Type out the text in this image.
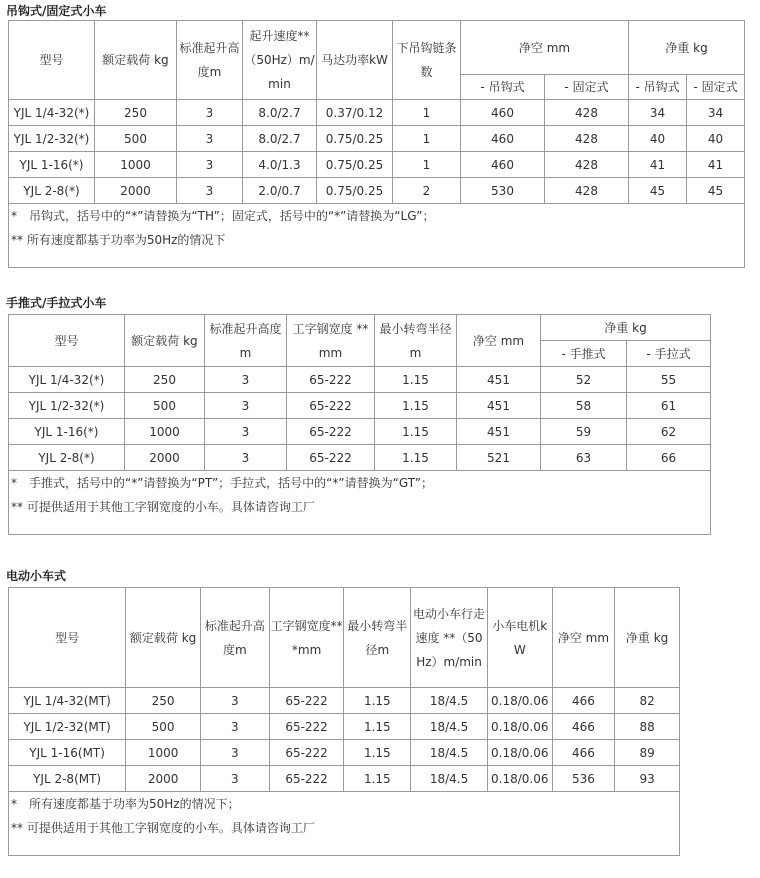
吊钩式/固定式小车
型号	额定载荷 kg	标准起升高度m	起升速度**（50Hz）m/min	马达功率kW	下吊钩链条数	净空 mm		净重 kg	
						- 吊钩式	- 固定式	- 吊钩式	- 固定式
YJL 1/4-32(*)	250	3	8.0/2.7	0.37/0.12	1	460	428	34	34
YJL 1/2-32(*)	500	3	8.0/2.7	0.75/0.25	1	460	428	40	40
YJL 1-16(*)	1000	3	4.0/1.3	0.75/0.25	1	460	428	41	41
YJL 2-8(*)	2000	3	2.0/0.7	0.75/0.25	2	530	428	45	45

*　吊钩式，括号中的“*”请替换为“TH”；固定式，括号中的“*”请替换为“LG”；
** 所有速度都基于功率为50Hz的情况下									
手推式/手拉式小车
型号	额定载荷 kg	标准起升高度m	工字钢宽度 **mm	最小转弯半径m	净空 mm	净重 kg	
						- 手推式	- 手拉式
YJL 1/4-32(*)	250	3	65-222	1.15	451	52	55
YJL 1/2-32(*)	500	3	65-222	1.15	451	58	61
YJL 1-16(*)	1000	3	65-222	1.15	451	59	62
YJL 2-8(*)	2000	3	65-222	1.15	521	63	66

*　手推式，括号中的“*”请替换为“PT”；手拉式，括号中的“*”请替换为“GT”；
** 可提供适用于其他工字钢宽度的小车。具体请咨询工厂							
电动小车式
型号	额定载荷 kg	标准起升高度m	工字钢宽度***mm	最小转弯半径m	电动小车行走速度 **（50Hz）m/min	小车电机kW	净空 mm	净重 kg
YJL 1/4-32(MT)	250	3	65-222	1.15	18/4.5	0.18/0.06	466	82
YJL 1/2-32(MT)	500	3	65-222	1.15	18/4.5	0.18/0.06	466	88
YJL 1-16(MT)	1000	3	65-222	1.15	18/4.5	0.18/0.06	466	89
YJL 2-8(MT)	2000	3	65-222	1.15	18/4.5	0.18/0.06	536	93

*　所有速度都基于功率为50Hz的情况下；
** 可提供适用于其他工字钢宽度的小车。具体请咨询工厂								
